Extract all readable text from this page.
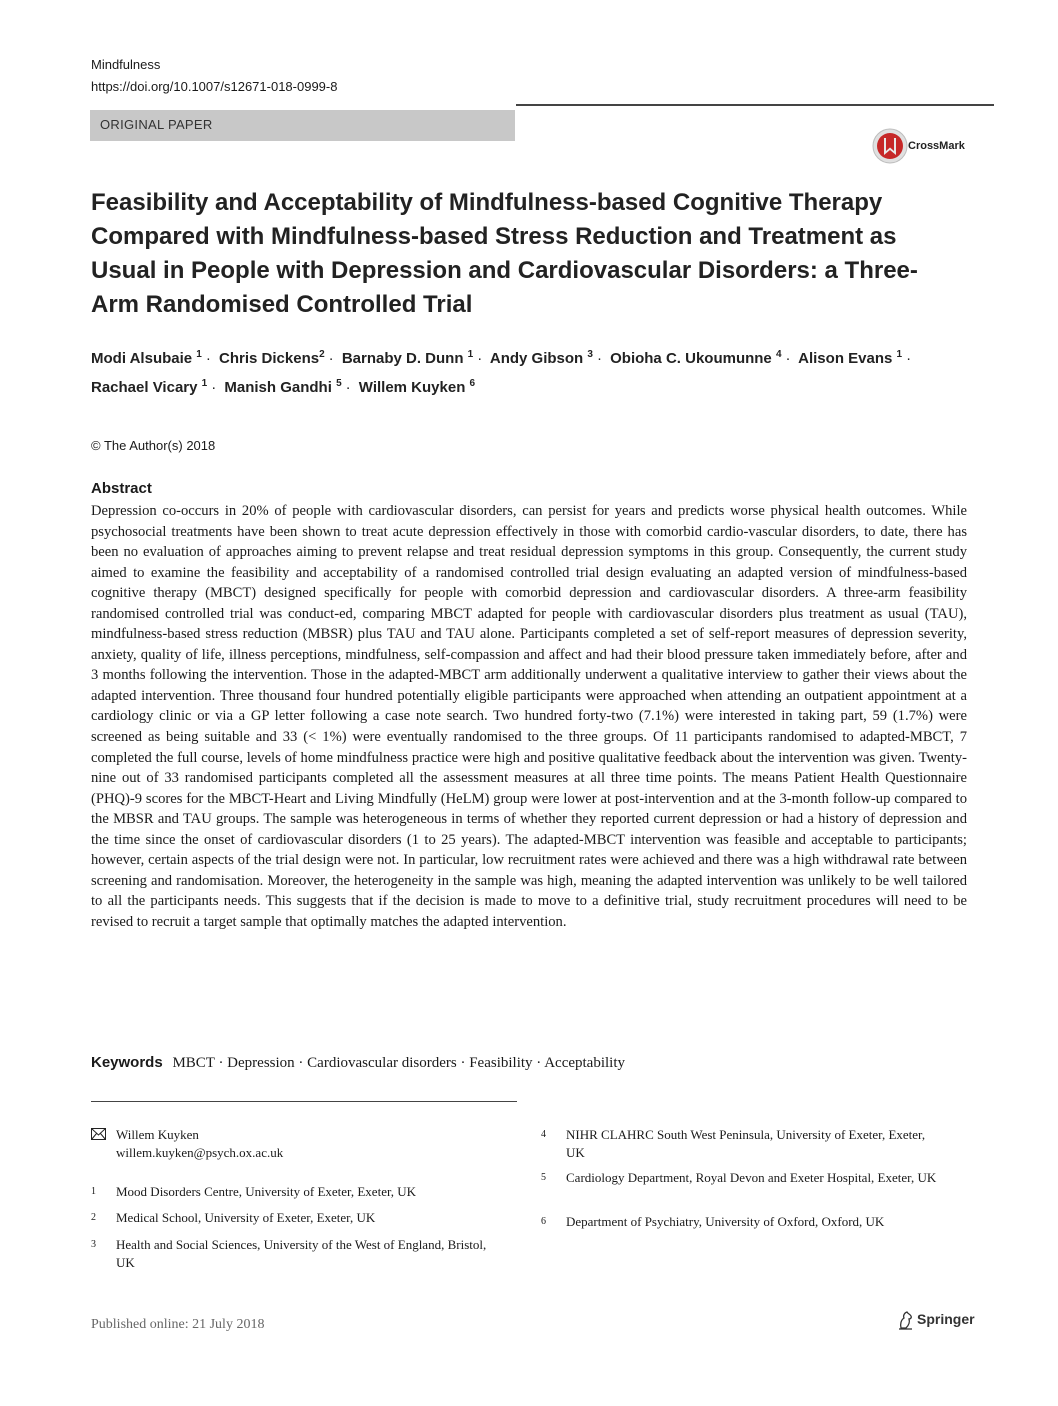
Mindfulness
https://doi.org/10.1007/s12671-018-0999-8
ORIGINAL PAPER
CrossMark
Feasibility and Acceptability of Mindfulness-based Cognitive Therapy Compared with Mindfulness-based Stress Reduction and Treatment as Usual in People with Depression and Cardiovascular Disorders: a Three-Arm Randomised Controlled Trial
Modi Alsubaie $^1$ · Chris Dickens$^2$ · Barnaby D. Dunn $^1$ · Andy Gibson $^3$ · Obioha C. Ukoumunne $^4$ · Alison Evans $^1$ ·
Rachael Vicary $^1$ · Manish Gandhi $^5$ · Willem Kuyken $^6$
© The Author(s) 2018
Abstract

Depression co-occurs in 20% of people with cardiovascular disorders, can persist for years and predicts worse physical health outcomes. While psychosocial treatments have been shown to treat acute depression effectively in those with comorbid cardio-vascular disorders, to date, there has been no evaluation of approaches aiming to prevent relapse and treat residual depression symptoms in this group. Consequently, the current study aimed to examine the feasibility and acceptability of a randomised controlled trial design evaluating an adapted version of mindfulness-based cognitive therapy (MBCT) designed specifically for people with comorbid depression and cardiovascular disorders. A three-arm feasibility randomised controlled trial was conduct-ed, comparing MBCT adapted for people with cardiovascular disorders plus treatment as usual (TAU), mindfulness-based stress reduction (MBSR) plus TAU and TAU alone. Participants completed a set of self-report measures of depression severity, anxiety, quality of life, illness perceptions, mindfulness, self-compassion and affect and had their blood pressure taken immediately before, after and 3 months following the intervention. Those in the adapted-MBCT arm additionally underwent a qualitative interview to gather their views about the adapted intervention. Three thousand four hundred potentially eligible participants were approached when attending an outpatient appointment at a cardiology clinic or via a GP letter following a case note search. Two hundred forty-two (7.1%) were interested in taking part, 59 (1.7%) were screened as being suitable and 33 (< 1%) were eventually randomised to the three groups. Of 11 participants randomised to adapted-MBCT, 7 completed the full course, levels of home mindfulness practice were high and positive qualitative feedback about the intervention was given. Twenty-nine out of 33 randomised participants completed all the assessment measures at all three time points. The means Patient Health Questionnaire (PHQ)-9 scores for the MBCT-Heart and Living Mindfully (HeLM) group were lower at post-intervention and at the 3-month follow-up compared to the MBSR and TAU groups. The sample was heterogeneous in terms of whether they reported current depression or had a history of depression and the time since the onset of cardiovascular disorders (1 to 25 years). The adapted-MBCT intervention was feasible and acceptable to participants; however, certain aspects of the trial design were not. In particular, low recruitment rates were achieved and there was a high withdrawal rate between screening and randomisation. Moreover, the heterogeneity in the sample was high, meaning the adapted intervention was unlikely to be well tailored to all the participants needs. This suggests that if the decision is made to move to a definitive trial, study recruitment procedures will need to be revised to recruit a target sample that optimally matches the adapted intervention.

Keywords MBCT · Depression · Cardiovascular disorders · Feasibility · Acceptability
Willem Kuyken
willem.kuyken@psych.ox.ac.uk
1 Mood Disorders Centre, University of Exeter, Exeter, UK
2 Medical School, University of Exeter, Exeter, UK
3 Health and Social Sciences, University of the West of England, Bristol, UK
4 NIHR CLAHRC South West Peninsula, University of Exeter, Exeter, UK
5 Cardiology Department, Royal Devon and Exeter Hospital, Exeter, UK
6 Department of Psychiatry, University of Oxford, Oxford, UK
Published online: 21 July 2018	Springer
